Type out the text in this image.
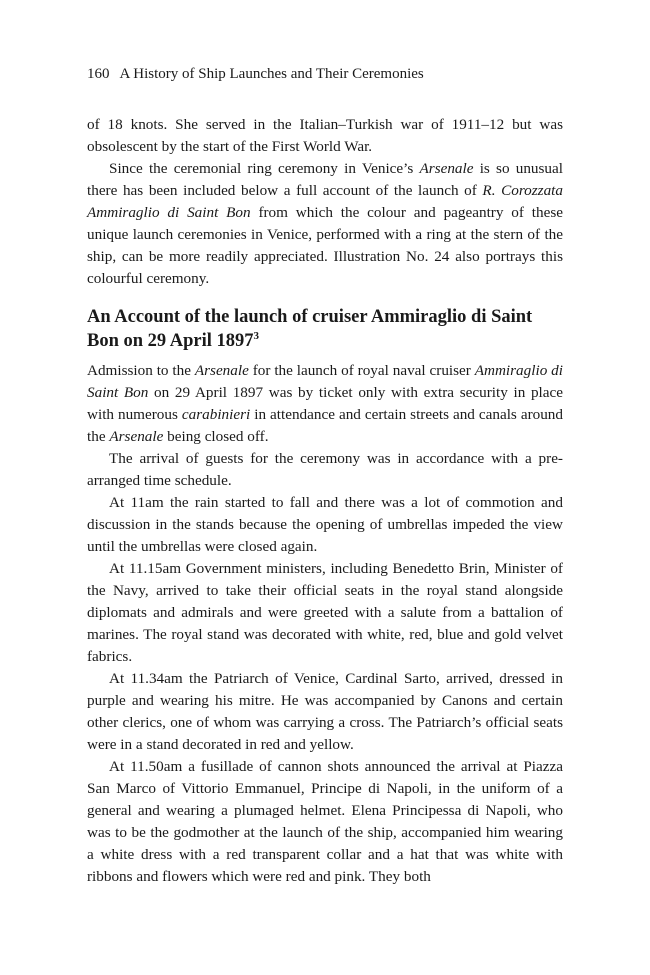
160 A History of Ship Launches and Their Ceremonies

of 18 knots. She served in the Italian–Turkish war of 1911–12 but was obsolescent by the start of the First World War.

Since the ceremonial ring ceremony in Venice’s Arsenale is so unusual there has been included below a full account of the launch of R. Corozzata Ammiraglio di Saint Bon from which the colour and pageantry of these unique launch ceremonies in Venice, performed with a ring at the stern of the ship, can be more readily appreciated. Illustration No. 24 also portrays this colourful ceremony.

An Account of the launch of cruiser Ammiraglio di Saint Bon on 29 April 1897$^3$

Admission to the Arsenale for the launch of royal naval cruiser Ammiraglio di Saint Bon on 29 April 1897 was by ticket only with extra security in place with numerous carabinieri in attendance and certain streets and canals around the Arsenale being closed off.

The arrival of guests for the ceremony was in accordance with a pre-arranged time schedule.

At 11am the rain started to fall and there was a lot of commotion and discussion in the stands because the opening of umbrellas impeded the view until the umbrellas were closed again.

At 11.15am Government ministers, including Benedetto Brin, Minister of the Navy, arrived to take their official seats in the royal stand alongside diplomats and admirals and were greeted with a salute from a battalion of marines. The royal stand was decorated with white, red, blue and gold velvet fabrics.

At 11.34am the Patriarch of Venice, Cardinal Sarto, arrived, dressed in purple and wearing his mitre. He was accompanied by Canons and certain other clerics, one of whom was carrying a cross. The Patriarch’s official seats were in a stand decorated in red and yellow.

At 11.50am a fusillade of cannon shots announced the arrival at Piazza San Marco of Vittorio Emmanuel, Principe di Napoli, in the uniform of a general and wearing a plumaged helmet. Elena Principessa di Napoli, who was to be the godmother at the launch of the ship, accompanied him wearing a white dress with a red transparent collar and a hat that was white with ribbons and flowers which were red and pink. They both
